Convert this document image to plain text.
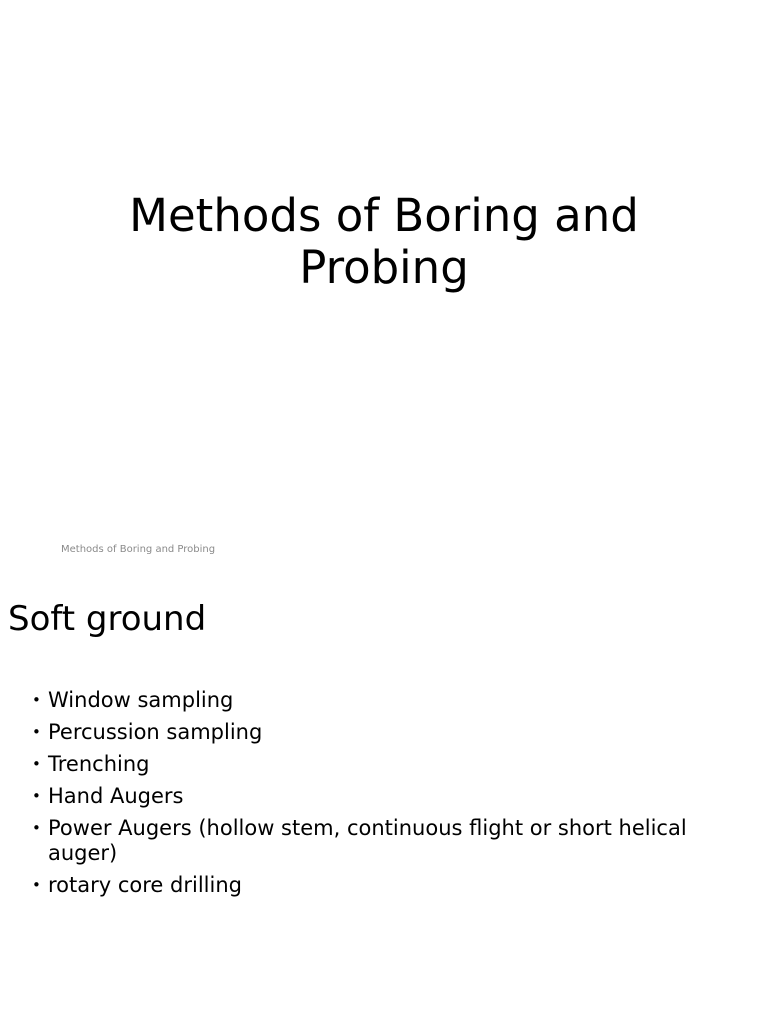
Methods of Boring and
Probing
Methods of Boring and Probing
Soft ground
• Window sampling
• Percussion sampling
• Trenching
• Hand Augers
• Power Augers (hollow stem, continuous flight or short helical auger)
• rotary core drilling
